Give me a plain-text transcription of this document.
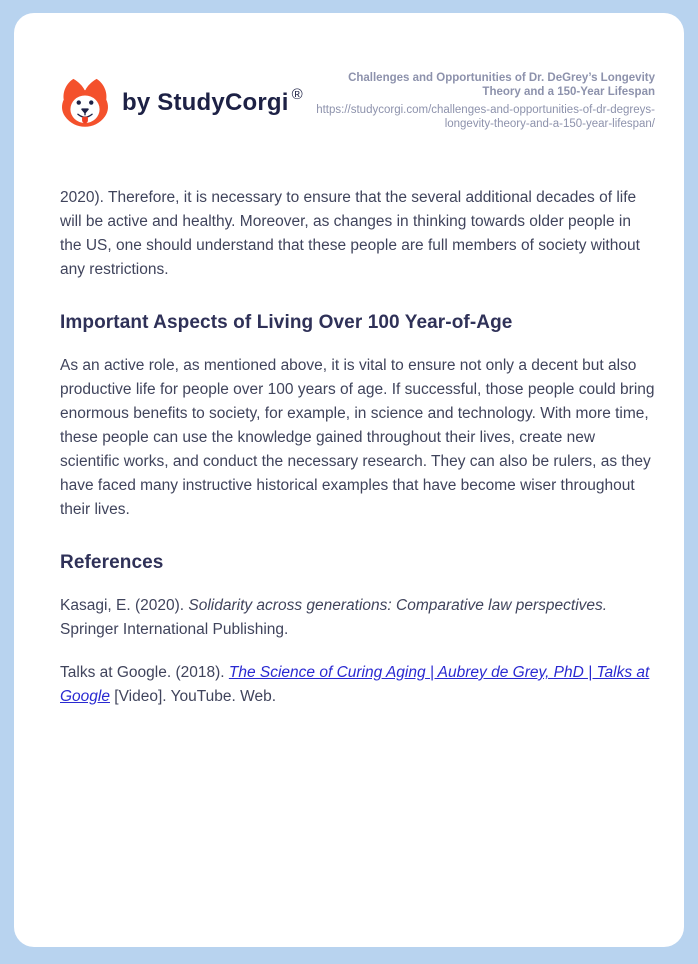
by StudyCorgi ®
Challenges and Opportunities of Dr. DeGrey’s Longevity Theory and a 150-Year Lifespan
https://studycorgi.com/challenges-and-opportunities-of-dr-degreys-longevity-theory-and-a-150-year-lifespan/

2020). Therefore, it is necessary to ensure that the several additional decades of life will be active and healthy. Moreover, as changes in thinking towards older people in the US, one should understand that these people are full members of society without any restrictions.

Important Aspects of Living Over 100 Year-of-Age

As an active role, as mentioned above, it is vital to ensure not only a decent but also productive life for people over 100 years of age. If successful, those people could bring enormous benefits to society, for example, in science and technology. With more time, these people can use the knowledge gained throughout their lives, create new scientific works, and conduct the necessary research. They can also be rulers, as they have faced many instructive historical examples that have become wiser throughout their lives.

References

Kasagi, E. (2020). Solidarity across generations: Comparative law perspectives. Springer International Publishing.

Talks at Google. (2018). The Science of Curing Aging | Aubrey de Grey, PhD | Talks at Google [Video]. YouTube. Web.
